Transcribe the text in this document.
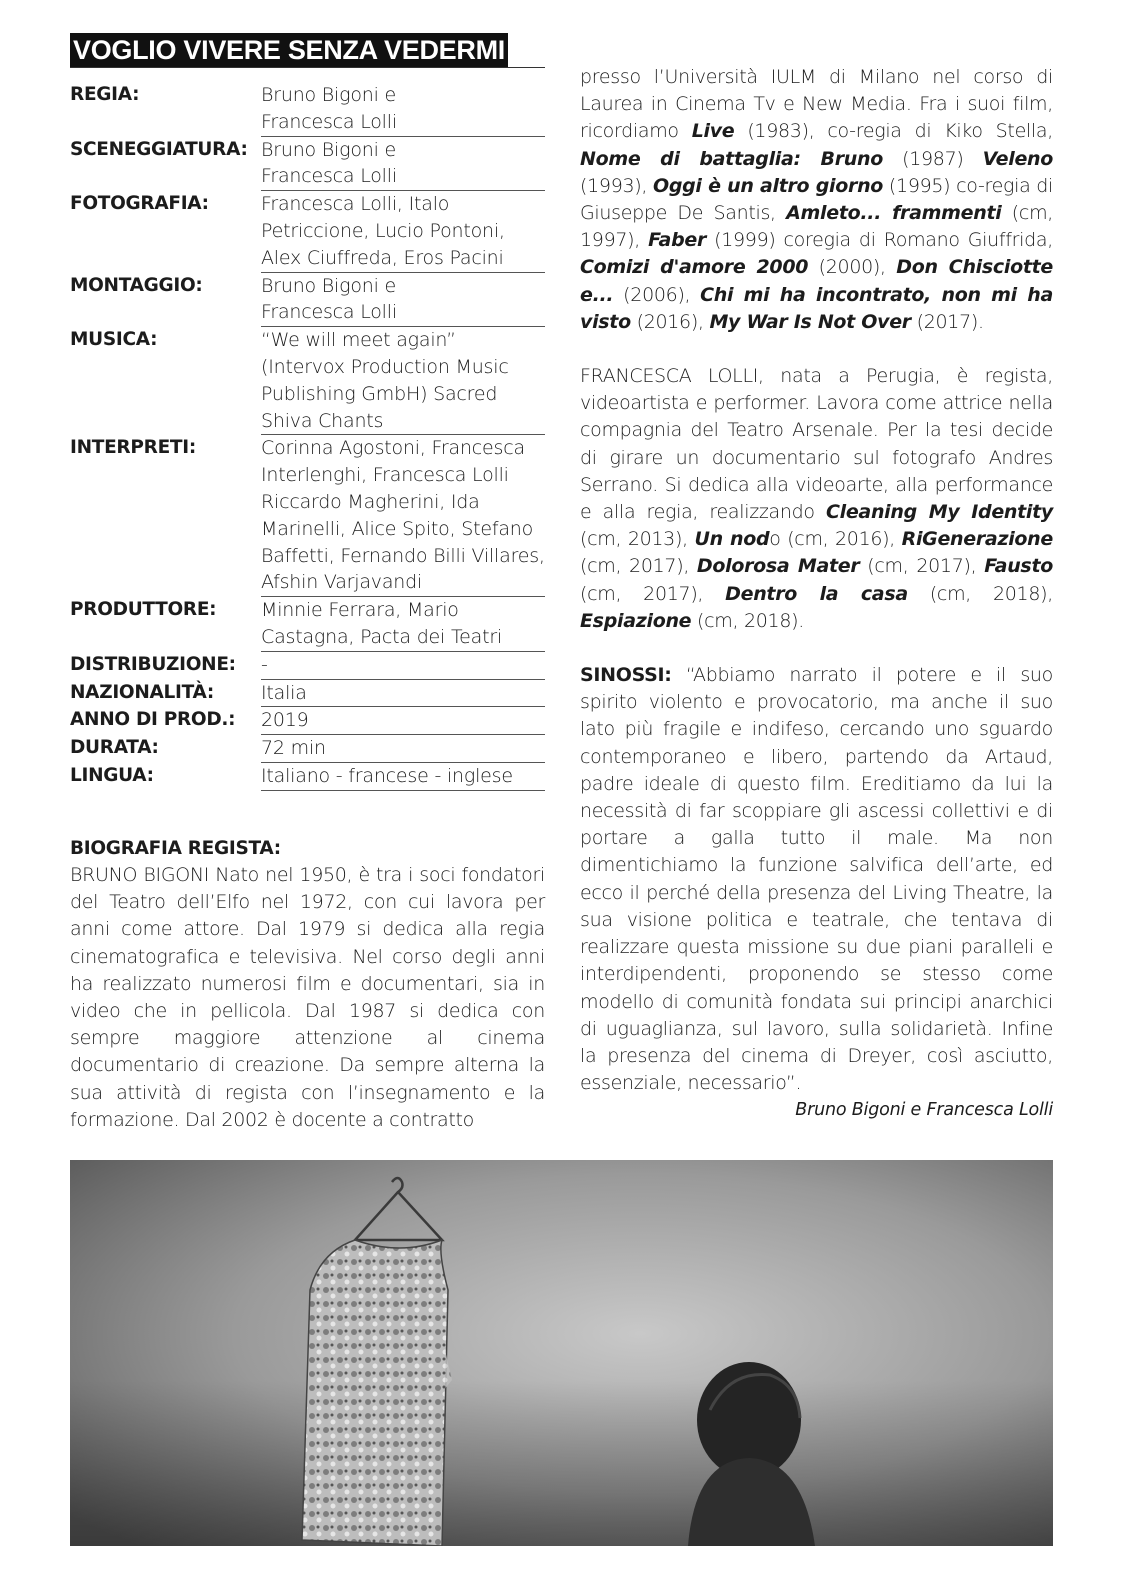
VOGLIO VIVERE SENZA VEDERMI
REGIA:	Bruno Bigoni e Francesca Lolli
SCENEGGIATURA: Bruno Bigoni e Francesca Lolli
FOTOGRAFIA:	Francesca Lolli, Italo Petriccione, Lucio Pontoni, Alex Ciuffreda, Eros Pacini
MONTAGGIO:	Bruno Bigoni e Francesca Lolli
MUSICA:	“We will meet again” (Intervox Production Music Publishing GmbH) Sacred Shiva Chants
INTERPRETI:	Corinna Agostoni, Francesca Interlenghi, Francesca Lolli Riccardo Magherini, Ida Marinelli, Alice Spito, Stefano Baffetti, Fernando Billi Villares, Afshin Varjavandi
PRODUTTORE:	Minnie Ferrara, Mario Castagna, Pacta dei Teatri
DISTRIBUZIONE:	-
NAZIONALITÀ:	Italia
ANNO DI PROD.:	2019
DURATA:	72 min
LINGUA:	Italiano - francese - inglese
BIOGRAFIA REGISTA:
BRUNO BIGONI Nato nel 1950, è tra i soci fondatori del Teatro dell’Elfo nel 1972, con cui lavora per anni come attore. Dal 1979 si dedica alla regia cinematografica e televisiva. Nel corso degli anni ha realizzato numerosi film e documentari, sia in video che in pellicola. Dal 1987 si dedica con sempre maggiore attenzione al cinema documentario di creazione. Da sempre alterna la sua attività di regista con l’insegnamento e la formazione. Dal 2002 è docente a contratto
presso l’Università IULM di Milano nel corso di Laurea in Cinema Tv e New Media. Fra i suoi film, ricordiamo Live (1983), co-regia di Kiko Stella, Nome di battaglia: Bruno (1987) Veleno (1993), Oggi è un altro giorno (1995) co-regia di Giuseppe De Santis, Amleto... frammenti (cm, 1997), Faber (1999) coregia di Romano Giuffrida, Comizi d'amore 2000 (2000), Don Chisciotte e... (2006), Chi mi ha incontrato, non mi ha visto (2016), My War Is Not Over (2017).
FRANCESCA LOLLI, nata a Perugia, è regista, videoartista e performer. Lavora come attrice nella compagnia del Teatro Arsenale. Per la tesi decide di girare un documentario sul fotografo Andres Serrano. Si dedica alla videoarte, alla performance e alla regia, realizzando Cleaning My Identity (cm, 2013), Un nodo (cm, 2016), RiGenerazione (cm, 2017), Dolorosa Mater (cm, 2017), Fausto (cm, 2017), Dentro la casa (cm, 2018), Espiazione (cm, 2018).
SINOSSI: “Abbiamo narrato il potere e il suo spirito violento e provocatorio, ma anche il suo lato più fragile e indifeso, cercando uno sguardo contemporaneo e libero, partendo da Artaud, padre ideale di questo film. Ereditiamo da lui la necessità di far scoppiare gli ascessi collettivi e di portare a galla tutto il male. Ma non dimentichiamo la funzione salvifica dell’arte, ed ecco il perché della presenza del Living Theatre, la sua visione politica e teatrale, che tentava di realizzare questa missione su due piani paralleli e interdipendenti, proponendo se stesso come modello di comunità fondata sui principi anarchici di uguaglianza, sul lavoro, sulla solidarietà. Infine la presenza del cinema di Dreyer, così asciutto, essenziale, necessario”.
Bruno Bigoni e Francesca Lolli
